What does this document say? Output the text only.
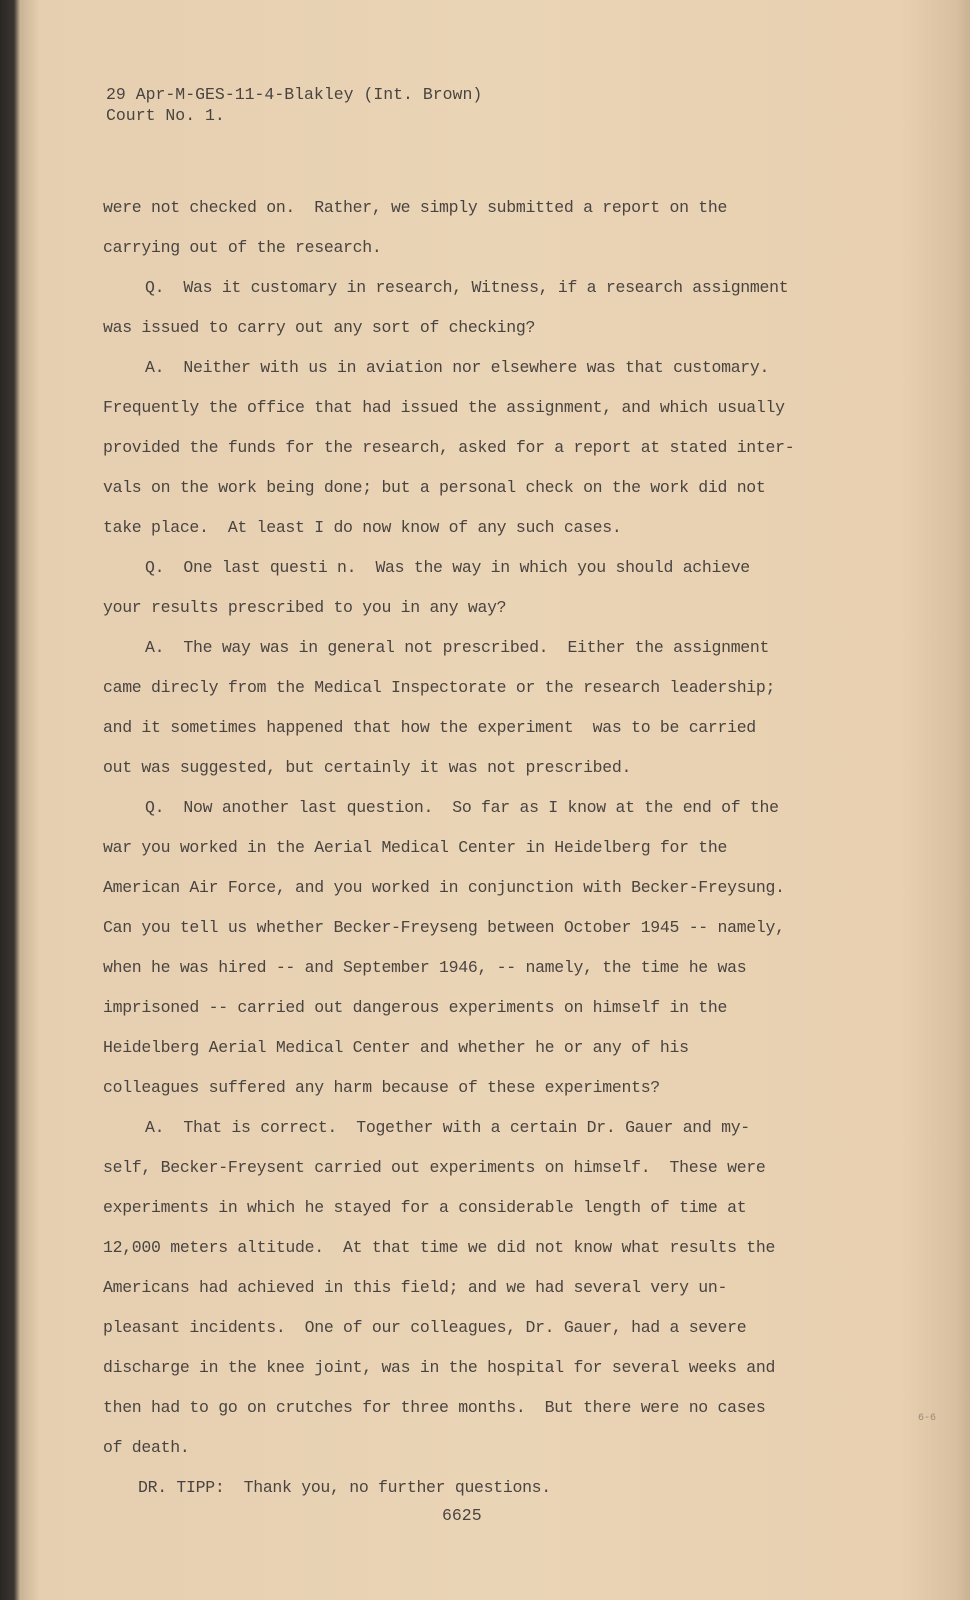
29 Apr-M-GES-11-4-Blakley (Int. Brown)
Court No. 1.
were not checked on.  Rather, we simply submitted a report on the
carrying out of the research.
Q.  Was it customary in research, Witness, if a research assignment
was issued to carry out any sort of checking?
A.  Neither with us in aviation nor elsewhere was that customary.
Frequently the office that had issued the assignment, and which usually
provided the funds for the research, asked for a report at stated inter-
vals on the work being done; but a personal check on the work did not
take place.  At least I do now know of any such cases.
Q.  One last questi n.  Was the way in which you should achieve
your results prescribed to you in any way?
A.  The way was in general not prescribed.  Either the assignment
came direcly from the Medical Inspectorate or the research leadership;
and it sometimes happened that how the experiment  was to be carried
out was suggested, but certainly it was not prescribed.
Q.  Now another last question.  So far as I know at the end of the
war you worked in the Aerial Medical Center in Heidelberg for the
American Air Force, and you worked in conjunction with Becker-Freysung.
Can you tell us whether Becker-Freyseng between October 1945 -- namely,
when he was hired -- and September 1946, -- namely, the time he was
imprisoned -- carried out dangerous experiments on himself in the
Heidelberg Aerial Medical Center and whether he or any of his
colleagues suffered any harm because of these experiments?
A.  That is correct.  Together with a certain Dr. Gauer and my-
self, Becker-Freysent carried out experiments on himself.  These were
experiments in which he stayed for a considerable length of time at
12,000 meters altitude.  At that time we did not know what results the
Americans had achieved in this field; and we had several very un-
pleasant incidents.  One of our colleagues, Dr. Gauer, had a severe
discharge in the knee joint, was in the hospital for several weeks and
then had to go on crutches for three months.  But there were no cases
of death.
DR. TIPP:  Thank you, no further questions.
6625
6-6
